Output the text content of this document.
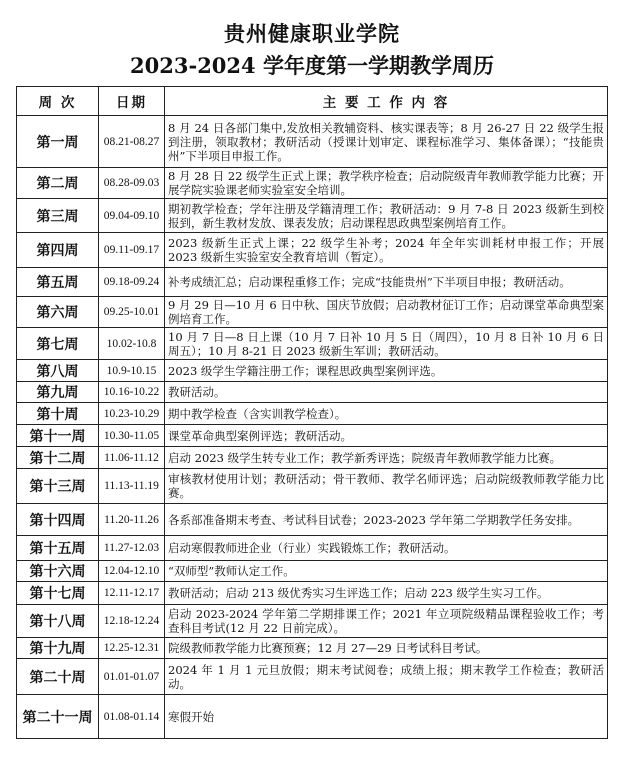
贵州健康职业学院
2023-2024 学年度第一学期教学周历
周 次	日期	主 要 工 作 内 容
第一周	08.21-08.27	8 月 24 日各部门集中,发放相关教辅资料、核实课表等；8 月 26-27 日 22 级学生报到注册，领取教材；教研活动（授课计划审定、课程标准学习、集体备课）；“技能贵州”下半项目申报工作。
第二周	08.28-09.03	8 月 28 日 22 级学生正式上课；教学秩序检查；启动院级青年教师教学能力比赛；开展学院实验课老师实验室安全培训。
第三周	09.04-09.10	期初教学检查；学年注册及学籍清理工作；教研活动：9 月 7-8 日 2023 级新生到校报到，新生教材发放、课表发放；启动课程思政典型案例培育工作。
第四周	09.11-09.17	2023 级新生正式上课；22 级学生补考；2024 年全年实训耗材申报工作；开展 2023 级新生实验室安全教育培训（暂定）。
第五周	09.18-09.24	补考成绩汇总；启动课程重修工作；完成“技能贵州”下半项目申报；教研活动。
第六周	09.25-10.01	9 月 29 日—10 月 6 日中秋、国庆节放假；启动教材征订工作；启动课堂革命典型案例培育工作。
第七周	10.02-10.8	10 月 7 日—8 日上课（10 月 7 日补 10 月 5 日（周四），10 月 8 日补 10 月 6 日周五）；10 月 8-21 日 2023 级新生军训；教研活动。
第八周	10.9-10.15	2023 级学生学籍注册工作；课程思政典型案例评选。
第九周	10.16-10.22	教研活动。
第十周	10.23-10.29	期中教学检查（含实训教学检查）。
第十一周	10.30-11.05	课堂革命典型案例评选；教研活动。
第十二周	11.06-11.12	启动 2023 级学生转专业工作；教学新秀评选；院级青年教师教学能力比赛。
第十三周	11.13-11.19	审核教材使用计划；教研活动；骨干教师、教学名师评选；启动院级教师教学能力比赛。
第十四周	11.20-11.26	各系部准备期末考查、考试科目试卷；2023-2023 学年第二学期教学任务安排。
第十五周	11.27-12.03	启动寒假教师进企业（行业）实践锻炼工作；教研活动。
第十六周	12.04-12.10	“双师型”教师认定工作。
第十七周	12.11-12.17	教研活动；启动 213 级优秀实习生评选工作；启动 223 级学生实习工作。
第十八周	12.18-12.24	启动 2023-2024 学年第二学期排课工作；2021 年立项院级精品课程验收工作；考查科目考试(12 月 22 日前完成）。
第十九周	12.25-12.31	院级教师教学能力比赛预赛；12 月 27—29 日考试科目考试。
第二十周	01.01-01.07	2024 年 1 月 1 元旦放假；期末考试阅卷；成绩上报；期末教学工作检查；教研活动。
第二十一周	01.08-01.14	寒假开始
